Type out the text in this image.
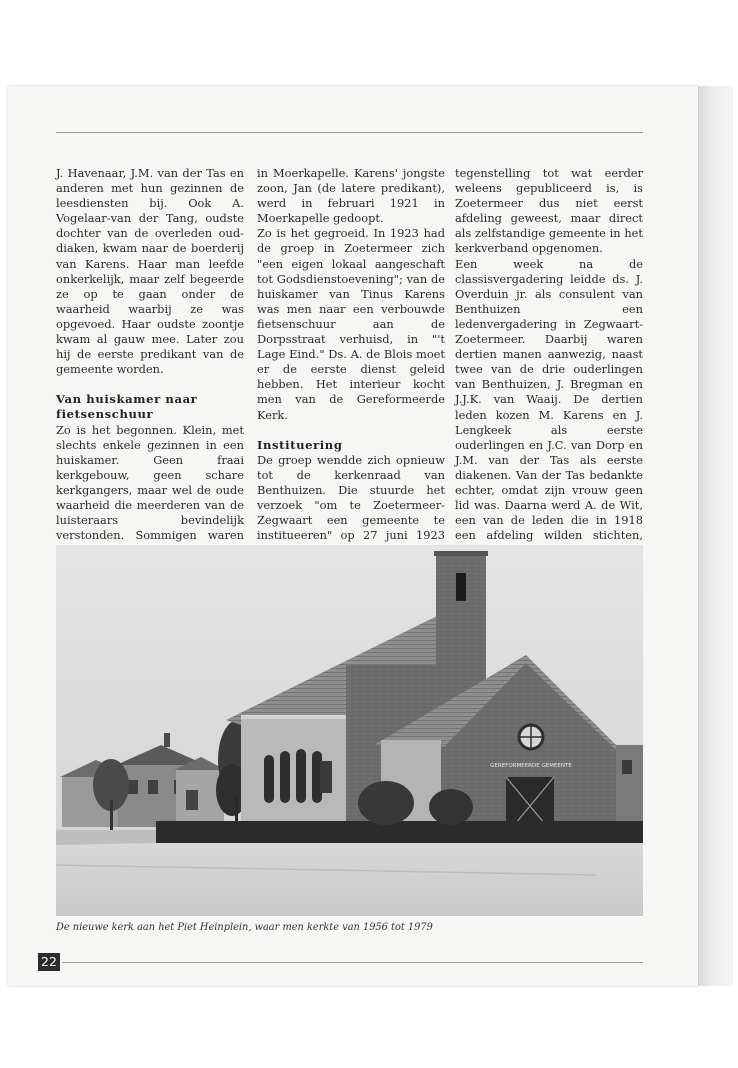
J. Havenaar, J.M. van der Tas en anderen met hun gezinnen de leesdiensten bij. Ook A. Vogelaar-van der Tang, oudste dochter van de overleden oud-diaken, kwam naar de boerderij van Karens. Haar man leefde onkerkelijk, maar zelf begeerde ze op te gaan onder de waarheid waarbij ze was opgevoed. Haar oudste zoontje kwam al gauw mee. Later zou hij de eerste predikant van de gemeente worden.

Van huiskamer naar fietsenschuur

Zo is het begonnen. Klein, met slechts enkele gezinnen in een huiskamer. Geen fraai kerkgebouw, geen schare kerkgangers, maar wel de oude waarheid die meerderen van de luisteraars bevindelijk verstonden. Sommigen waren

in Moerkapelle. Karens' jongste zoon, Jan (de latere predikant), werd in februari 1921 in Moerkapelle gedoopt.

Zo is het gegroeid. In 1923 had de groep in Zoetermeer zich "een eigen lokaal aangeschaft tot Godsdienstoevening"; van de huiskamer van Tinus Karens was men naar een verbouwde fietsenschuur aan de Dorpsstraat verhuisd, in "'t Lage Eind." Ds. A. de Blois moet er de eerste dienst geleid hebben. Het interieur kocht men van de Gereformeerde Kerk.

Instituering

De groep wendde zich opnieuw tot de kerkenraad van Benthuizen. Die stuurde het verzoek "om te Zoetermeer-Zegwaart een gemeente te institueeren" op 27 juni 1923

tegenstelling tot wat eerder weleens gepubliceerd is, is Zoetermeer dus niet eerst afdeling geweest, maar direct als zelfstandige gemeente in het kerkverband opgenomen.

Een week na de classisvergadering leidde ds. J. Overduin jr. als consulent van Benthuizen een ledenvergadering in Zegwaart-Zoetermeer. Daarbij waren dertien manen aanwezig, naast twee van de drie ouderlingen van Benthuizen, J. Bregman en J.J.K. van Waaij. De dertien leden kozen M. Karens en J. Lengkeek als eerste ouderlingen en J.C. van Dorp en J.M. van der Tas als eerste diakenen. Van der Tas bedankte echter, omdat zijn vrouw geen lid was. Daarna werd A. de Wit, een van de leden die in 1918 een afdeling wilden stichten,

GEREFORMEERDE GEMEENTE
De nieuwe kerk aan het Piet Heinplein, waar men kerkte van 1956 tot 1979
22
